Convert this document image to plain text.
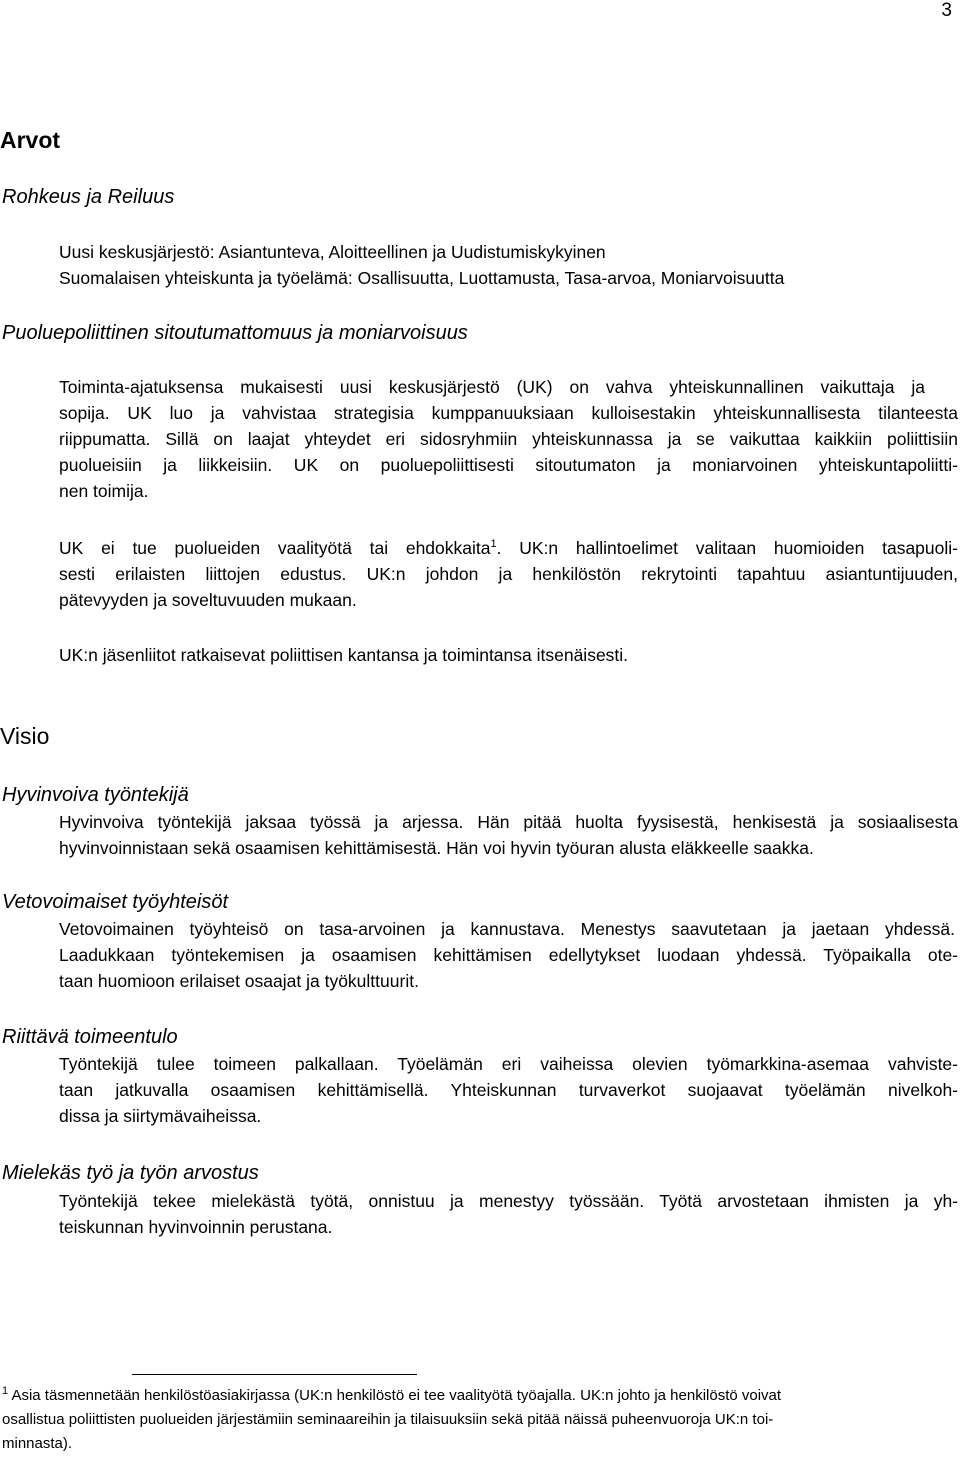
3
Arvot
Rohkeus ja Reiluus
Uusi keskusjärjestö: Asiantunteva, Aloitteellinen ja Uudistumiskykyinen
Suomalaisen yhteiskunta ja työelämä: Osallisuutta, Luottamusta, Tasa-arvoa, Moniarvoisuutta
Puoluepoliittinen sitoutumattomuus ja moniarvoisuus
Toiminta-ajatuksensa mukaisesti uusi keskusjärjestö (UK) on vahva yhteiskunnallinen vaikuttaja ja
sopija. UK luo ja vahvistaa strategisia kumppanuuksiaan kulloisestakin yhteiskunnallisesta tilanteesta
riippumatta. Sillä on laajat yhteydet eri sidosryhmiin yhteiskunnassa ja se vaikuttaa kaikkiin poliittisiin
puolueisiin ja liikkeisiin. UK on puoluepoliittisesti sitoutumaton ja moniarvoinen yhteiskuntapoliitti-
nen toimija.
UK ei tue puolueiden vaalityötä tai ehdokkaita$^1$. UK:n hallintoelimet valitaan huomioiden tasapuoli-
sesti erilaisten liittojen edustus. UK:n johdon ja henkilöstön rekrytointi tapahtuu asiantuntijuuden,
pätevyyden ja soveltuvuuden mukaan.
UK:n jäsenliitot ratkaisevat poliittisen kantansa ja toimintansa itsenäisesti.
Visio
Hyvinvoiva työntekijä
Hyvinvoiva työntekijä jaksaa työssä ja arjessa. Hän pitää huolta fyysisestä, henkisestä ja sosiaalisesta
hyvinvoinnistaan sekä osaamisen kehittämisestä. Hän voi hyvin työuran alusta eläkkeelle saakka.
Vetovoimaiset työyhteisöt
Vetovoimainen työyhteisö on tasa-arvoinen ja kannustava. Menestys saavutetaan ja jaetaan yhdessä.
Laadukkaan työntekemisen ja osaamisen kehittämisen edellytykset luodaan yhdessä. Työpaikalla ote-
taan huomioon erilaiset osaajat ja työkulttuurit.
Riittävä toimeentulo
Työntekijä tulee toimeen palkallaan. Työelämän eri vaiheissa olevien työmarkkina-asemaa vahviste-
taan jatkuvalla osaamisen kehittämisellä. Yhteiskunnan turvaverkot suojaavat työelämän nivelkoh-
dissa ja siirtymävaiheissa.
Mielekäs työ ja työn arvostus
Työntekijä tekee mielekästä työtä, onnistuu ja menestyy työssään. Työtä arvostetaan ihmisten ja yh-
teiskunnan hyvinvoinnin perustana.
$^1$ Asia täsmennetään henkilöstöasiakirjassa (UK:n henkilöstö ei tee vaalityötä työajalla. UK:n johto ja henkilöstö voivat
osallistua poliittisten puolueiden järjestämiin seminaareihin ja tilaisuuksiin sekä pitää näissä puheenvuoroja UK:n toi-
minnasta).
